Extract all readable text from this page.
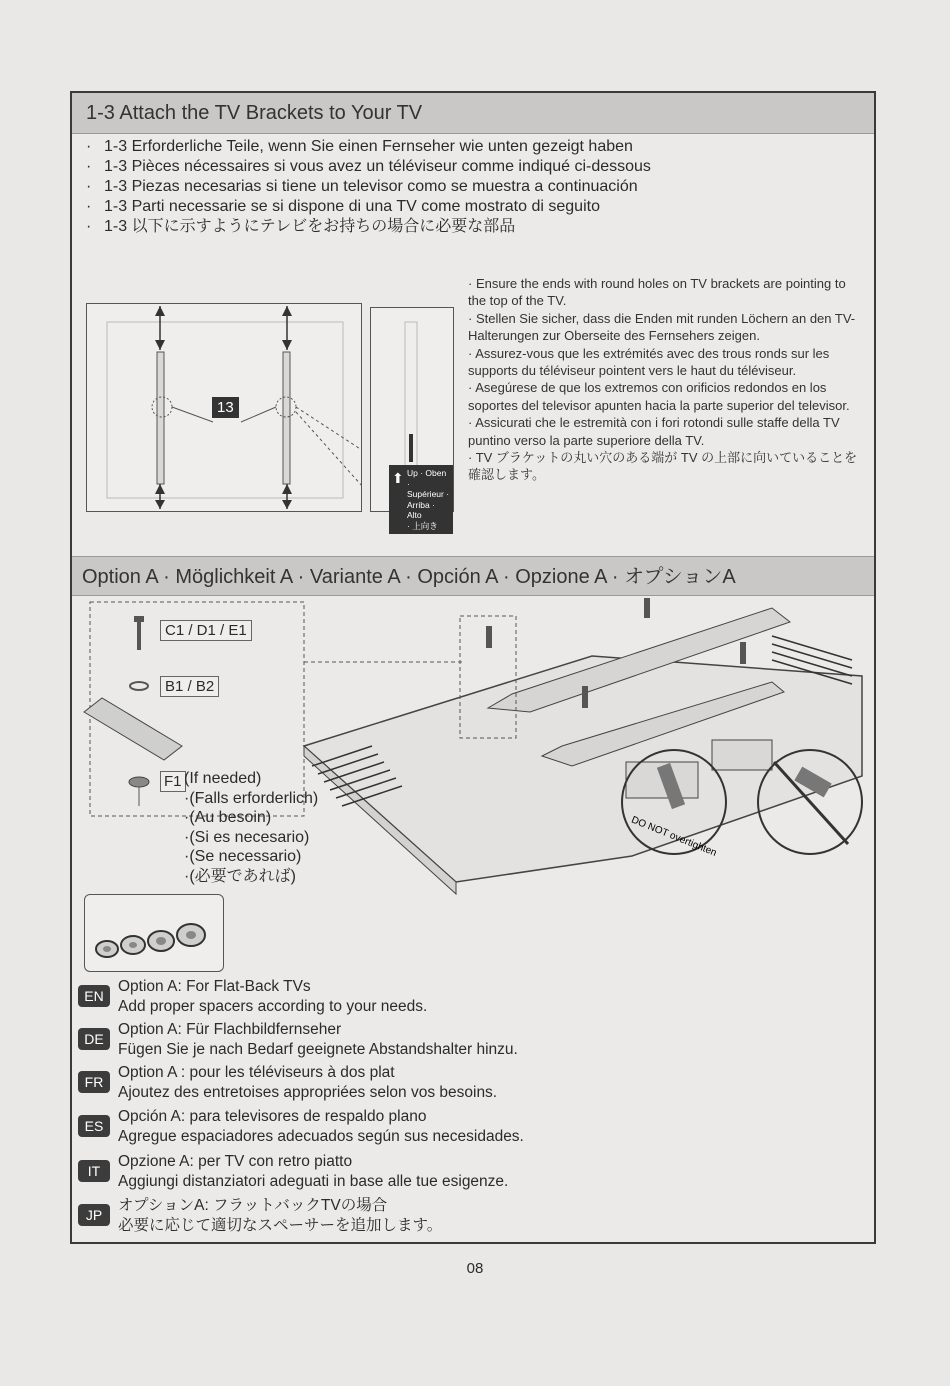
1-3 Attach the TV Brackets to Your TV
· 1-3 Erforderliche Teile, wenn Sie einen Fernseher wie unten gezeigt haben
· 1-3 Pièces nécessaires si vous avez un téléviseur comme indiqué ci-dessous
· 1-3 Piezas necesarias si tiene un televisor como se muestra a continuación
· 1-3 Parti necessarie se si dispone di una TV come mostrato di seguito
· 1-3 以下に示すようにテレビをお持ちの場合に必要な部品
13
⬆ Up · Oben ·
Supérieur ·
Arriba · Alto
· 上向き

· Ensure the ends with round holes on TV brackets are pointing to the top of the TV.

· Stellen Sie sicher, dass die Enden mit runden Löchern an den TV-Halterungen zur Oberseite des Fernsehers zeigen.

· Assurez-vous que les extrémités avec des trous ronds sur les supports du téléviseur pointent vers le haut du téléviseur.

· Asegúrese de que los extremos con orificios redondos en los soportes del televisor apunten hacia la parte superior del televisor.

· Assicurati che le estremità con i fori rotondi sulle staffe della TV puntino verso la parte superiore della TV.

· TV ブラケットの丸い穴のある端が TV の上部に向いていることを確認します。

Option A · Möglichkeit A · Variante A · Opción A · Opzione A · オプションA
DO NOT overtighten
C1 / D1 / E1
B1 / B2
F1 (If needed)
·(Falls erforderlich)
·(Au besoin)
·(Si es necesario)
·(Se necessario)
·(必要であれば)
EN
Option A: For Flat-Back TVs
Add proper spacers according to your needs.
DE
Option A: Für Flachbildfernseher
Fügen Sie je nach Bedarf geeignete Abstandshalter hinzu.
FR
Option A : pour les téléviseurs à dos plat
Ajoutez des entretoises appropriées selon vos besoins.
ES
Opción A: para televisores de respaldo plano
Agregue espaciadores adecuados según sus necesidades.
IT
Opzione A: per TV con retro piatto
Aggiungi distanziatori adeguati in base alle tue esigenze.
JP
オプションA: フラットバックTVの場合
必要に応じて適切なスペーサーを追加します。
08
